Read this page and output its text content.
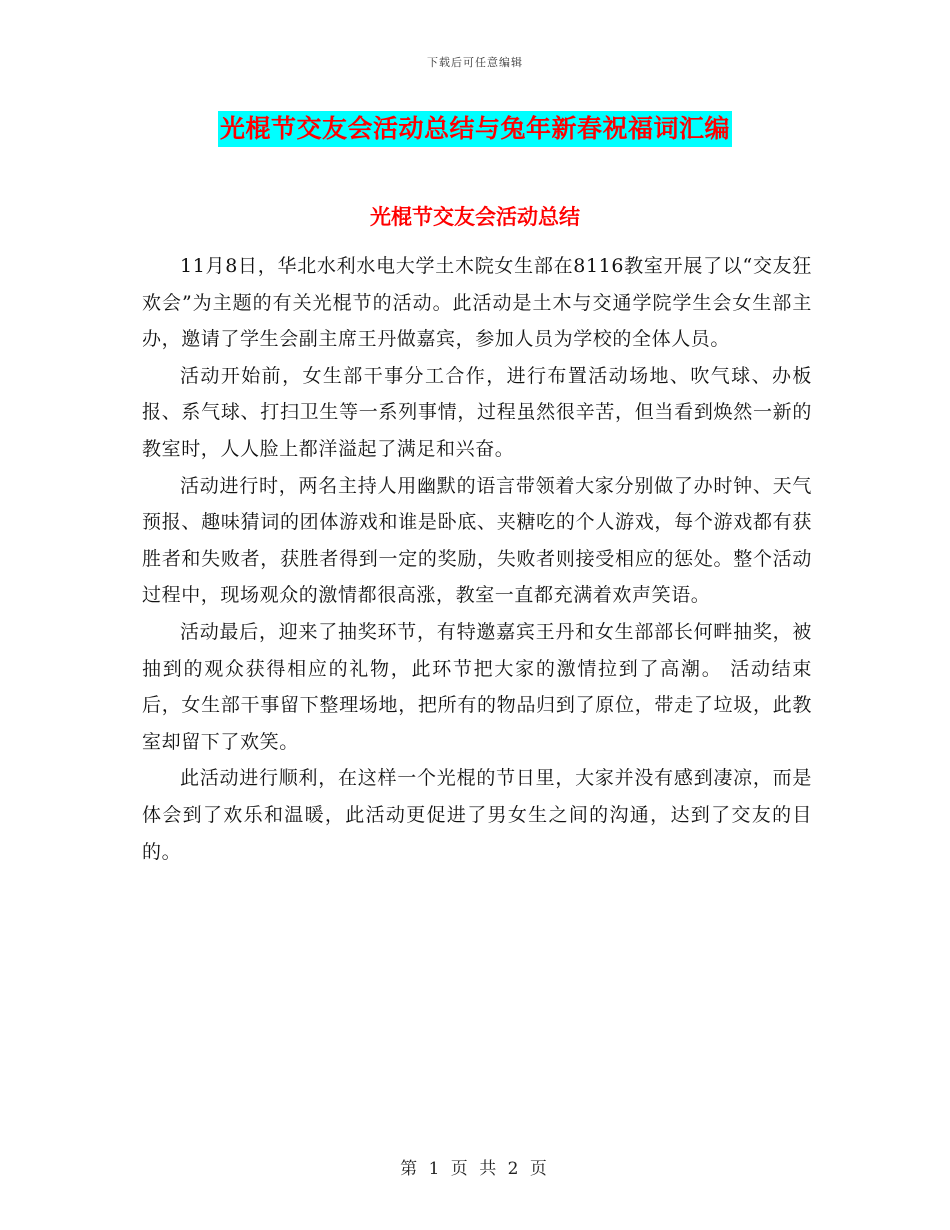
下载后可任意编辑
光棍节交友会活动总结与兔年新春祝福词汇编
光棍节交友会活动总结

11月8日，华北水利水电大学土木院女生部在8116教室开展了以“交友狂欢会”为主题的有关光棍节的活动。此活动是土木与交通学院学生会女生部主办，邀请了学生会副主席王丹做嘉宾，参加人员为学校的全体人员。

活动开始前，女生部干事分工合作，进行布置活动场地、吹气球、办板报、系气球、打扫卫生等一系列事情，过程虽然很辛苦，但当看到焕然一新的教室时，人人脸上都洋溢起了满足和兴奋。

活动进行时，两名主持人用幽默的语言带领着大家分别做了办时钟、天气预报、趣味猜词的团体游戏和谁是卧底、夹糖吃的个人游戏，每个游戏都有获胜者和失败者，获胜者得到一定的奖励，失败者则接受相应的惩处。整个活动过程中，现场观众的激情都很高涨，教室一直都充满着欢声笑语。

活动最后，迎来了抽奖环节，有特邀嘉宾王丹和女生部部长何畔抽奖，被抽到的观众获得相应的礼物，此环节把大家的激情拉到了高潮。 活动结束后，女生部干事留下整理场地，把所有的物品归到了原位，带走了垃圾，此教室却留下了欢笑。

此活动进行顺利，在这样一个光棍的节日里，大家并没有感到凄凉，而是体会到了欢乐和温暖，此活动更促进了男女生之间的沟通，达到了交友的目的。

第 1 页 共 2 页
